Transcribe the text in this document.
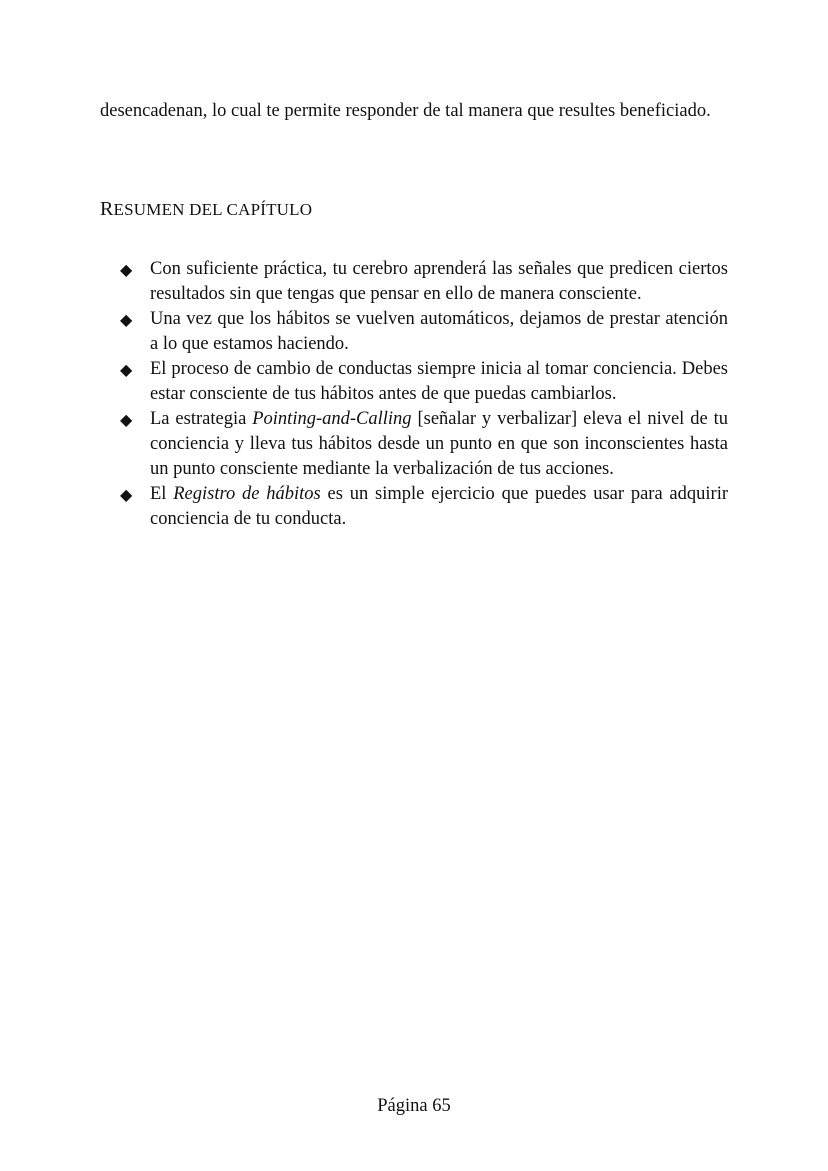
desencadenan, lo cual te permite responder de tal manera que resultes beneficiado.

RESUMEN DEL CAPÍTULO
◆ Con suficiente práctica, tu cerebro aprenderá las señales que predicen ciertos resultados sin que tengas que pensar en ello de manera consciente.
◆ Una vez que los hábitos se vuelven automáticos, dejamos de prestar atención a lo que estamos haciendo.
◆ El proceso de cambio de conductas siempre inicia al tomar conciencia. Debes estar consciente de tus hábitos antes de que puedas cambiarlos.
◆ La estrategia Pointing-and-Calling [señalar y verbalizar] eleva el nivel de tu conciencia y lleva tus hábitos desde un punto en que son inconscientes hasta un punto consciente mediante la verbalización de tus acciones.
◆ El Registro de hábitos es un simple ejercicio que puedes usar para adquirir conciencia de tu conducta.

Página 65
